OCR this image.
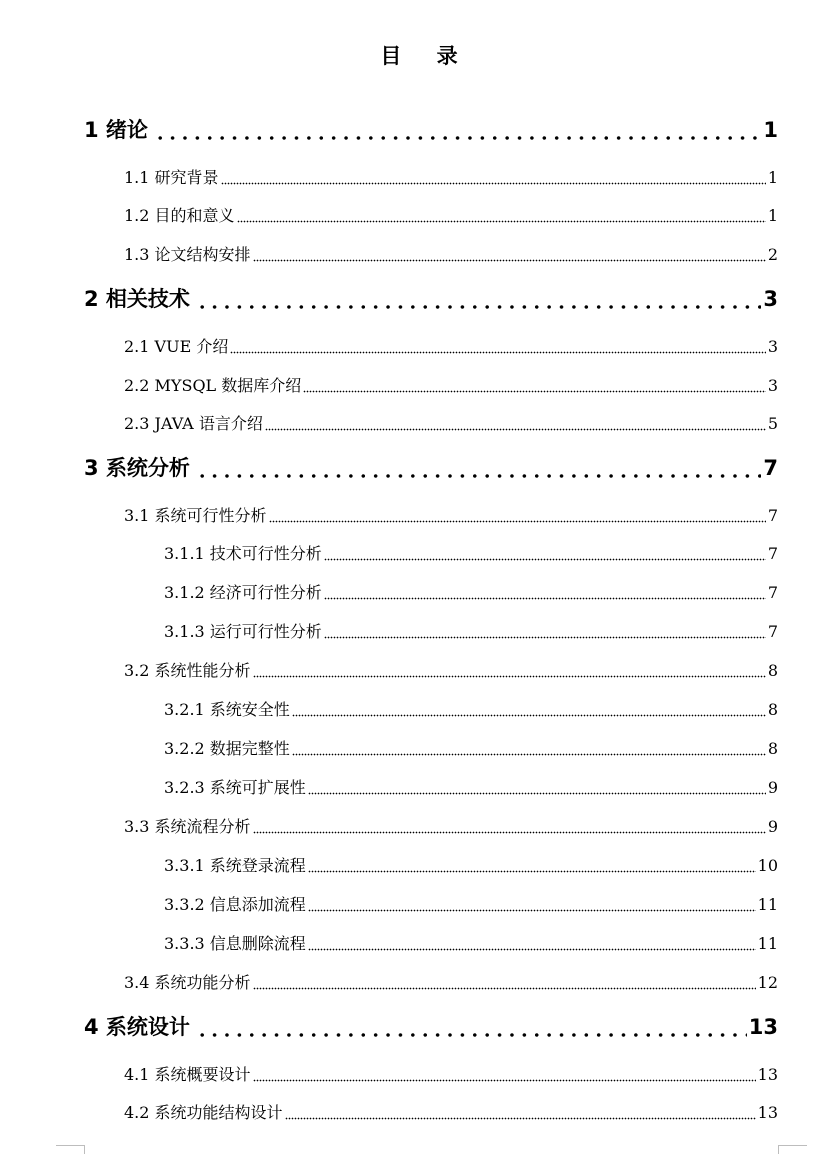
目 录
1 绪论	1
1.1 研究背景	1
1.2 目的和意义	1
1.3 论文结构安排	2
2 相关技术	3
2.1 VUE 介绍	3
2.2 MYSQL 数据库介绍	3
2.3 JAVA 语言介绍	5
3 系统分析	7
3.1 系统可行性分析	7
3.1.1 技术可行性分析	7
3.1.2 经济可行性分析	7
3.1.3 运行可行性分析	7
3.2 系统性能分析	8
3.2.1 系统安全性	8
3.2.2 数据完整性	8
3.2.3 系统可扩展性	9
3.3 系统流程分析	9
3.3.1 系统登录流程	10
3.3.2 信息添加流程	11
3.3.3 信息删除流程	11
3.4 系统功能分析	12
4 系统设计	13
4.1 系统概要设计	13
4.2 系统功能结构设计	13
